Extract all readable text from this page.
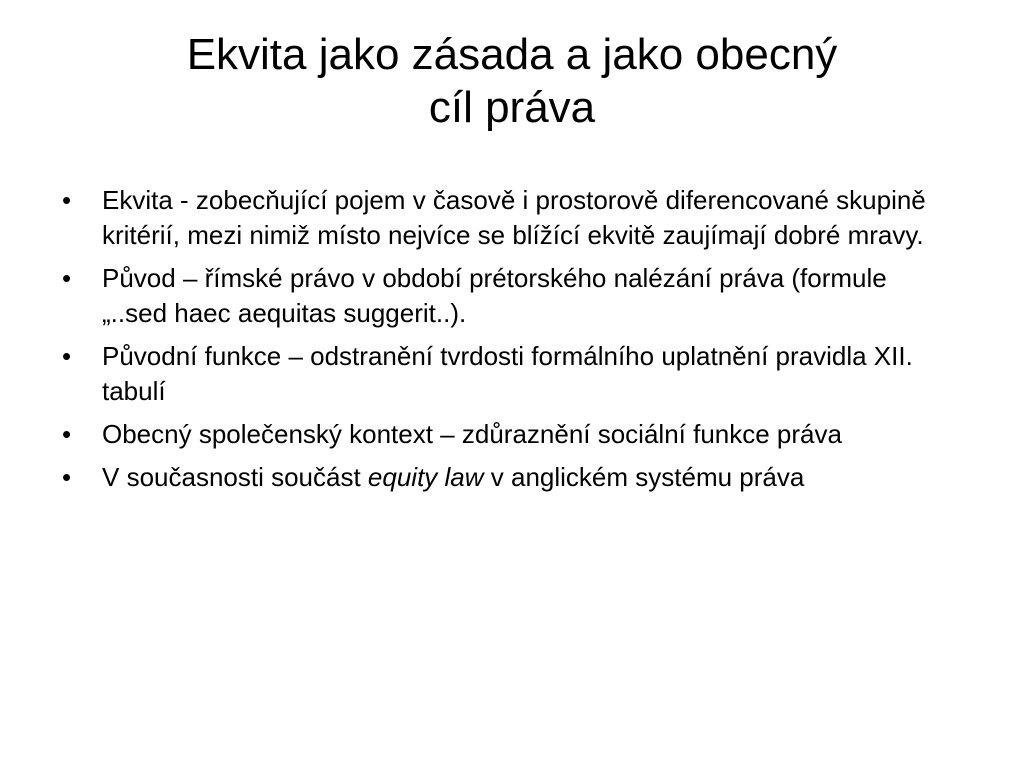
Ekvita jako zásada a jako obecný
cíl práva
• Ekvita - zobecňující pojem v časově i prostorově diferencované skupině kritérií, mezi nimiž místo nejvíce se blížící ekvitě zaujímají dobré mravy.
• Původ – římské právo v období prétorského nalézání práva (formule „..sed haec aequitas suggerit..).
• Původní funkce – odstranění tvrdosti formálního uplatnění pravidla XII. tabulí
• Obecný společenský kontext – zdůraznění sociální funkce práva
• V současnosti součást equity law v anglickém systému práva
